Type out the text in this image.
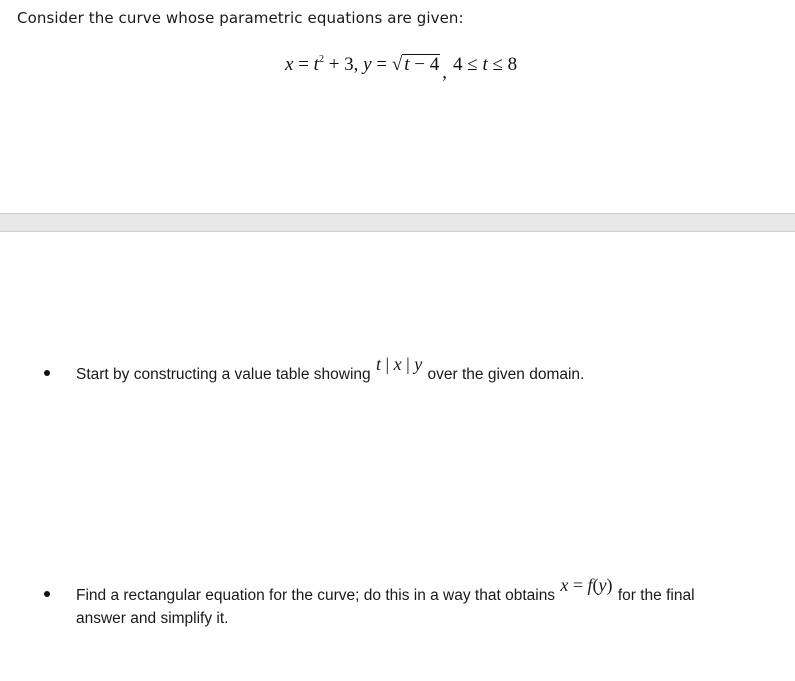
Consider the curve whose parametric equations are given:
$x = t^2 + 3$, y = √ t − 4 , 4 ≤ t ≤ 8
Start by constructing a value table showing t | x | y over the given domain.
Find a rectangular equation for the curve; do this in a way that obtains x = f(y) for the final
answer and simplify it.
